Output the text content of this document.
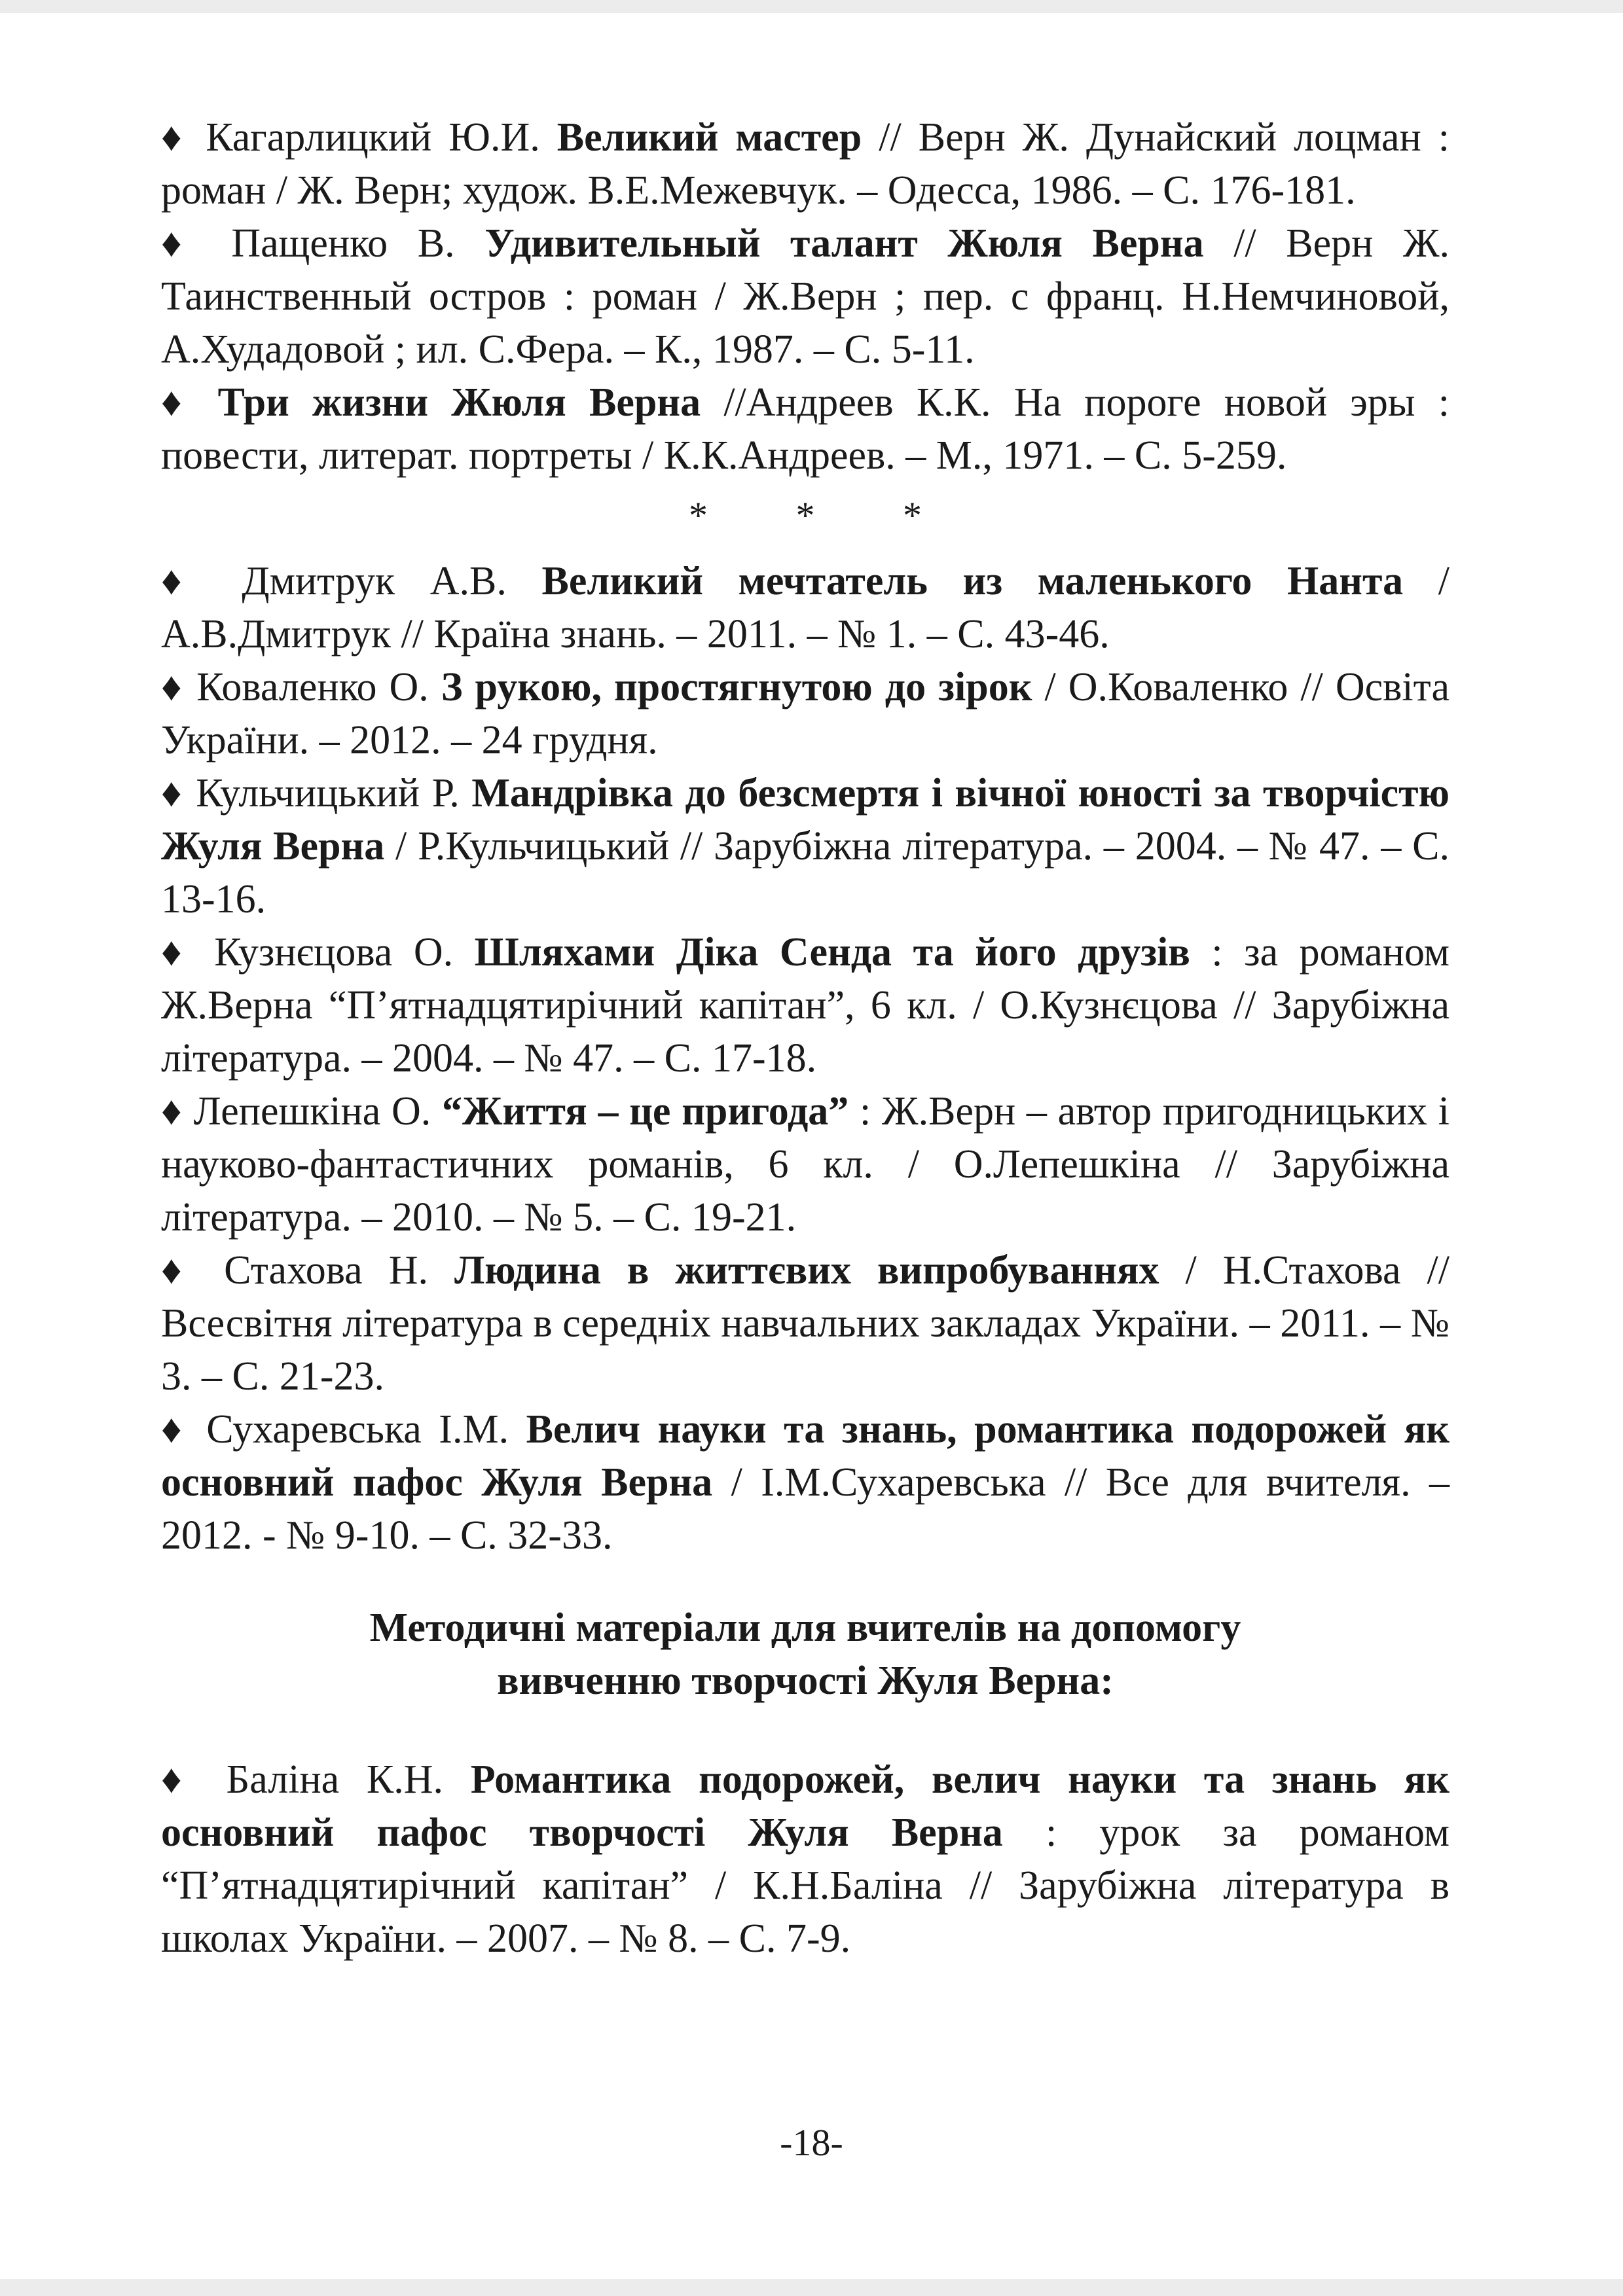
♦ Кагарлицкий Ю.И. Великий мастер // Верн Ж. Дунайский лоцман : роман / Ж. Верн; худож. В.Е.Межевчук. – Одесса, 1986. – С. 176-181.

♦ Пащенко В. Удивительный талант Жюля Верна // Верн Ж. Таинственный остров : роман / Ж.Верн ; пер. с франц. Н.Немчиновой, А.Худадовой ; ил. С.Фера. – К., 1987. – С. 5-11.

♦ Три жизни Жюля Верна //Андреев К.К. На пороге новой эры : повести, литерат. портреты / К.К.Андреев. – М., 1971. – С. 5-259.

* * *

♦ Дмитрук А.В. Великий мечтатель из маленького Нанта / А.В.Дмитрук // Країна знань. – 2011. – № 1. – С. 43-46.

♦ Коваленко О. З рукою, простягнутою до зірок / О.Коваленко // Освіта України. – 2012. – 24 грудня.

♦ Кульчицький Р. Мандрівка до безсмертя і вічної юності за творчістю Жуля Верна / Р.Кульчицький // Зарубіжна література. – 2004. – № 47. – С. 13-16.

♦ Кузнєцова О. Шляхами Діка Сенда та його друзів : за романом Ж.Верна “П’ятнадцятирічний капітан”, 6 кл. / О.Кузнєцова // Зарубіжна література. – 2004. – № 47. – С. 17-18.

♦ Лепешкіна О. “Життя – це пригода” : Ж.Верн – автор пригодницьких і науково-фантастичних романів, 6 кл. / О.Лепешкіна // Зарубіжна література. – 2010. – № 5. – С. 19-21.

♦ Стахова Н. Людина в життєвих випробуваннях / Н.Стахова // Всесвітня література в середніх навчальних закладах України. – 2011. – № 3. – С. 21-23.

♦ Сухаревська І.М. Велич науки та знань, романтика подорожей як основний пафос Жуля Верна / І.М.Сухаревська // Все для вчителя. – 2012. - № 9-10. – С. 32-33.

Методичні матеріали для вчителів на допомогу
вивченню творчості Жуля Верна:

♦ Баліна К.Н. Романтика подорожей, велич науки та знань як основний пафос творчості Жуля Верна : урок за романом “П’ятнадцятирічний капітан” / К.Н.Баліна // Зарубіжна література в школах України. – 2007. – № 8. – С. 7-9.

-18-
